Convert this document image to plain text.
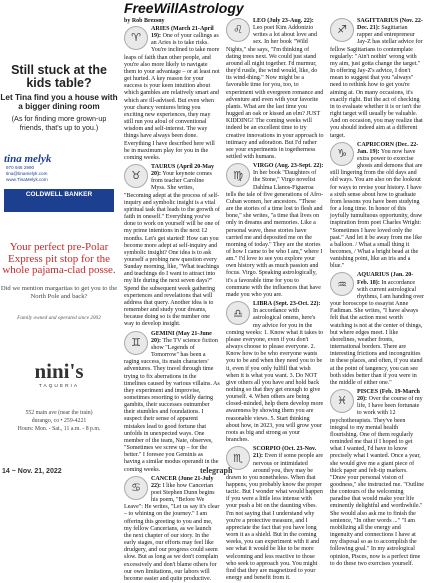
Still stuck at the kids table?
Let Tina find you a house with a bigger dining room
(As for finding more grown-up friends, that's up to you.)
tina melyk
970 946 2990
tina@tinamelyk.com
www.TinaMelyk.com
COLDWELL BANKER
Your perfect pre-Polar Express pit stop for the whole pajama-clad posse.
Did we mention margaritas to get you to the North Pole and back?
Family owned and operated since 2002
nini's
TAQUERIA
552 main ave (near the train)
durango, co • 259-4221
Hours: Mon. - Sat., 11 a.m. - 8 p.m.
FreeWillAstrology
by Rob Brezsny

♈
ARIES (March 21-April 19): One of your callings as an Aries is to take risks. You're inclined to take more leaps of faith than other people, and you're also more likely to navigate them to your advantage – or at least not get hurted. A key reason for your success is your keen intuition about which gambles are relatively smart and which are ill-advised. But even when your chancy ventures bring you exciting new experiences, they may still run you afoul of conventional wisdom and self-interest. The way things have always been done. Everything I have described here will be in maximum play for you in the coming weeks.

♉
TAURUS (April 20-May 20): Your keynote comes from teacher Caroline Myss. She writes, "Becoming adept at the process of self-inquiry and symbolic insight is a vital spiritual task that leads to the growth of faith in oneself." Everything you've done to work on yourself will be one of my prime intentions in the next 12 months. Let's get started! How can you become more adept at self-inquiry and symbolic insight? One idea is to ask yourself a probing new question every Sunday morning, like, "What teachings and teachings do I want to attract into my life during the next seven days?" Spend the subsequent week gathering experiences and revelations that will address that query. Another idea is to remember and study your dreams, because doing so is the number one way to develop insight.

♊
GEMINI (May 21-June 20): The TV science fiction show "Legends of Tomorrow" has been a raging success, its main characters' adventures. They travel through time trying to fix aberrations in the timelines caused by various villains. As they experiment and improvise, sometimes resorting to wildly daring gambits, their successes outnumber their stumbles and foundations. I suspect their sense of apparent mistakes lead to good fortune that unfolds in unexpected ways. One member of the team, Nate, observes, "Sometimes we screw up – for the better." I foresee you Geminis as having a similar modus operandi in the coming weeks.

♋
CANCER (June 21-July 22): I like how Cancerian poet Stephen Dunn begins his poem, "Before We Leave": He writes, "Let us say it's clear – to whining on the journey." I am offering this greeting to you and me, my fellow Cancerians, as we launch the next chapter of our story. In the early stages, our efforts may feel like drudgery, and our progress could seem slow. But as long as we don't complain excessively and don't blame others for our own limitations, our labors will become easier and quite productive.

♌
LEO (July 23-Aug. 22): Leo poet Kim Addonizio writes a lot about love and sex. In her book "Wild Nights," she says, "I'm thinking of dating trees next. We could just stand around all night together. I'd murmur, they'd rustle, the wind would, like, do its wind-thing." Now might be a favorable time for you, too, to experiment with evergreen romance and adventure and even with your favorite plants. What are the last time you hugged an oak or kissed an elm? JUST KIDDING! The coming weeks will indeed be an excellent time to try creative innovations in your approach to intimacy and adoration. But I'd rather see your experiments in togetherness settled with humans.

♍
VIRGO (Aug. 23-Sept. 22): In her book "Daughters of the Stone," Virgo novelist Dahlma Llanos-Figueroa tells the tale of five generations of Afro-Cuban women, her ancestors. "These are the stories of a time lost to flesh and bone," she writes, "a time that lives on only in dreams and memories. Like a personal wave, these stories have carried me and deposited me on the morning of today." They are the stories of how I came to be who I am," where I am." I'd love to see you explore your own history with as much passion and focus. Virgo. Speaking astrologically, it's a favorable time for you to commune with the influences that have made you who you are.

♎
LIBRA (Sept. 23-Oct. 22): In accordance with astrological omens, here's my advice for you in the coming weeks: 1. Know what it takes to please everyone, even if you don't always choose to please everyone. 2. Know how to be who everyone wants you to be and when they need you to be it, even if you only fulfill that wish when it is what you want. 3. Do NOT give others all you have and hold back nothing so that they get enough to give yourself. 4. When others are being closed-minded, help them develop more awareness by showing them you are reasonable views. 5. Start thinking about how, in 2023, you will grow your roots as big and strong as your branches.

♏
SCORPIO (Oct. 23-Nov. 21): Even if some people are nervous or intimidated around you, they may be drawn to you nonetheless. When that happens, you probably know the proper tactic. But I wonder what would happen if you were a little less intense with your push a bit on the daunting vibes. I'm not saying that I understand why you're a protective measure, and I appreciate the fact that you have long worn it as a shield. But in the coming weeks, you can experiment with it and see what it would be like to be more welcoming and less reactive to those who seek to approach you. You might find that they are magnetized to your energy and benefit from it.

♐
SAGITTARIUS (Nov. 22-Dec. 21): Sagittarian rapper and entrepreneur Jay-Z has stellar advice for fellow Sagittarians to contemplate regularly: "Ain't nothin' wrong with my aim, just gotta change the target." In offering Jay-Z's advice, I don't mean to suggest that you "always" need to rethink how to get you're aiming at. On many occasions, it's exactly right. But the act of checking in to evaluate whether it is or isn't the right target will usually be valuable. And on occasion, you may realize that you should indeed aim at a different target.

♑
CAPRICORN (Dec. 22-Jan. 19): You now have extra power to exorcise ghosts and demons that are still lingering from the old days and old ways. You are also on the lookout for ways to revise your history. I have a sixth sense about how to graduate from lessons you have been studying for a long time. In honor of this joyfully tumultuous opportunity, draw inspiration from poet Charles Wright: "Sometimes I have loved only the past." And let it be away from me like a balloon. / What a small thing it becomes, / What a bright bead at the vanishing point, like an iris and a blue."

♒
AQUARIUS (Jan. 20-Feb. 18): In accordance with current astrological rhythms, I am handing over your horoscope to essayist Anne Fadiman. She writes, "I have always felt that the action most worth watching is not at the center of things, but where edges meet. I like shorelines, weather fronts, international borders. There are interesting frictions and incongruities in these places, and often, if you stand at the point of tangency, you can see both sides better than if you were in the middle of either one."

♓
PISCES (Feb. 19-March 20): Over the course of my life, I have been fortunate to work with 12 psychotherapists. They've been integral to my mental health flourishing. One of them regularly reminded me that if I hoped to get what I wanted, I'd have to know precisely what I wanted. Once a year, she would give me a giant piece of thick paper and felt-tip markers. "Draw your personal vision of goodness," she instructed me. "Outline the contours of the welcoming paradise that would make your life eminently delightful and worthwhile." She would also ask me to finish the sentence, "In other words ..." "I am mobilizing all the energy and ingenuity and connections I have at my disposal so as to accomplish the following goal." In my astrological opinion, Pisces, now is a perfect time to do these two exercises yourself.

14 ~ Nov. 21, 2022	telegraph
